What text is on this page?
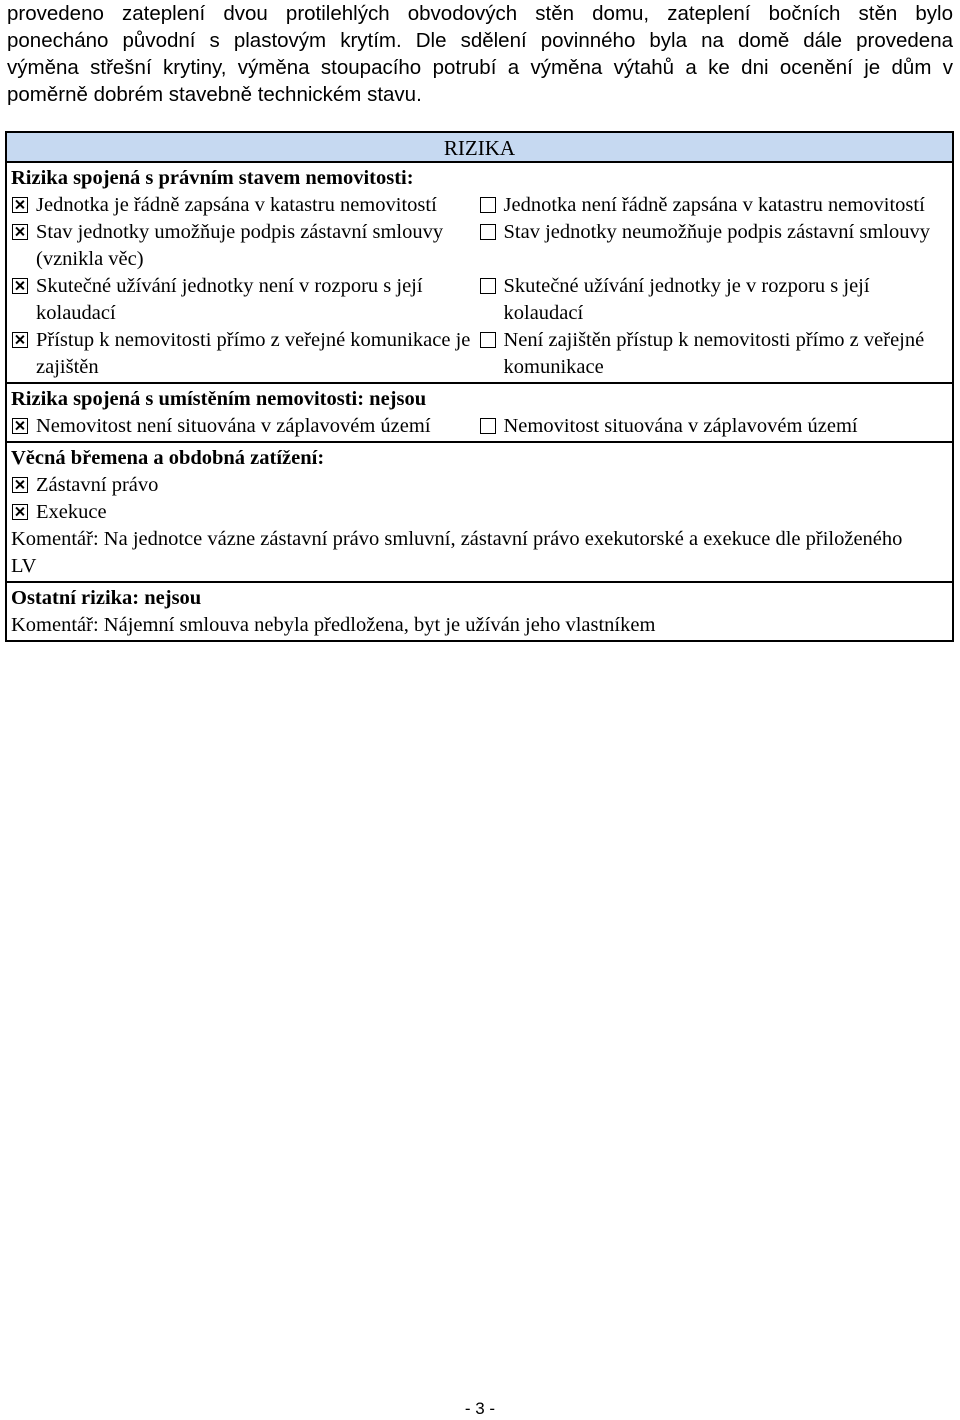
provedeno zateplení dvou protilehlých obvodových stěn domu, zateplení bočních stěn bylo
ponecháno původní s plastovým krytím. Dle sdělení povinného byla na domě dále provedena
výměna střešní krytiny, výměna stoupacího potrubí a výměna výtahů a ke dni ocenění je dům v
poměrně dobrém stavebně technickém stavu.
RIZIKA
Rizika spojená s právním stavem nemovitosti:
Jednotka je řádně zapsána v katastru nemovitostí	Jednotka není řádně zapsána v katastru nemovitostí
Stav jednotky umožňuje podpis zástavní smlouvy (vznikla věc)
Stav jednotky neumožňuje podpis zástavní smlouvy
Skutečné užívání jednotky není v rozporu s její kolaudací
Skutečné užívání jednotky je v rozporu s její kolaudací
Přístup k nemovitosti přímo z veřejné komunikace je zajištěn
Není zajištěn přístup k nemovitosti přímo z veřejné komunikace
Rizika spojená s umístěním nemovitosti: nejsou
Nemovitost není situována v záplavovém území	Nemovitost situována v záplavovém území
Věcná břemena a obdobná zatížení:
Zástavní právo
Exekuce
Komentář: Na jednotce vázne zástavní právo smluvní, zástavní právo exekutorské a exekuce dle přiloženého LV
Ostatní rizika: nejsou
Komentář: Nájemní smlouva nebyla předložena, byt je užíván jeho vlastníkem
- 3 -
